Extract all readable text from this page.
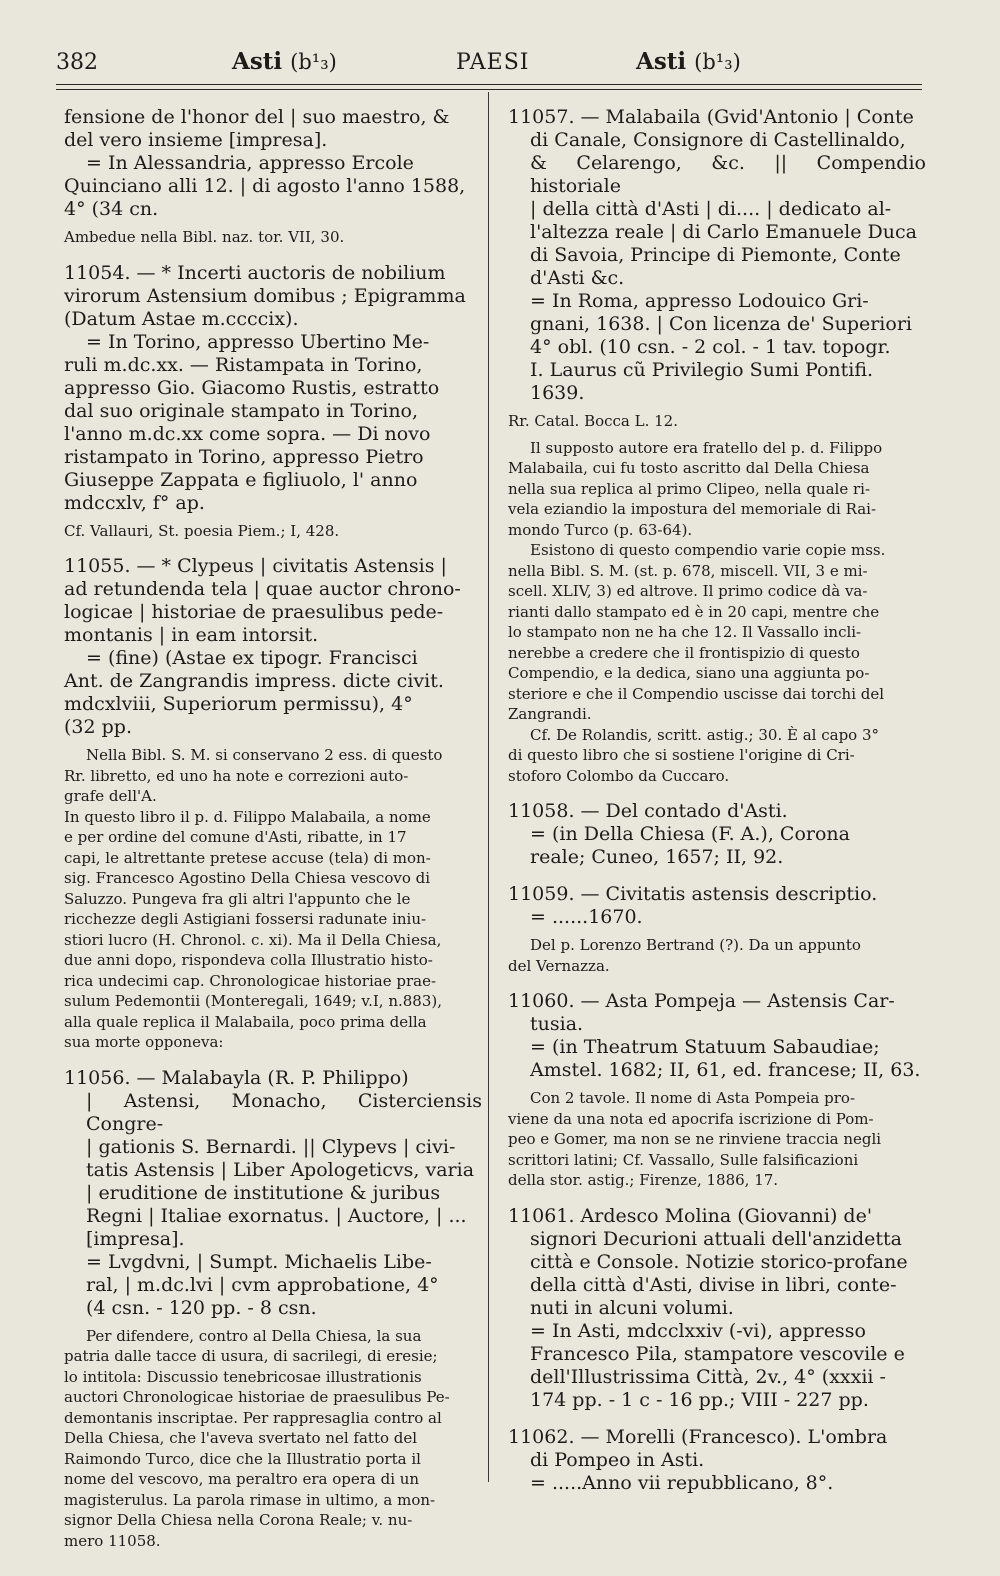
382	Asti (b¹₃)	PAESI	Asti (b¹₃)
fensione de l'honor del | suo maestro, &
del vero insieme [impresa].
= In Alessandria, appresso Ercole
Quinciano alli 12. | di agosto l'anno 1588,
4° (34 cn.
Ambedue nella Bibl. naz. tor. VII, 30.
11054. — * Incerti auctoris de nobilium
virorum Astensium domibus ; Epigramma
(Datum Astae m.ccccix).
= In Torino, appresso Ubertino Me-
ruli m.dc.xx. — Ristampata in Torino,
appresso Gio. Giacomo Rustis, estratto
dal suo originale stampato in Torino,
l'anno m.dc.xx come sopra. — Di novo
ristampato in Torino, appresso Pietro
Giuseppe Zappata e figliuolo, l' anno
mdccxlv, f° ap.
Cf. Vallauri, St. poesia Piem.; I, 428.
11055. — * Clypeus | civitatis Astensis |
ad retundenda tela | quae auctor chrono-
logicae | historiae de praesulibus pede-
montanis | in eam intorsit.
= (fine) (Astae ex tipogr. Francisci
Ant. de Zangrandis impress. dicte civit.
mdcxlviii, Superiorum permissu), 4°
(32 pp.
Nella Bibl. S. M. si conservano 2 ess. di questo
Rr. libretto, ed uno ha note e correzioni auto-
grafe dell'A.
In questo libro il p. d. Filippo Malabaila, a nome
e per ordine del comune d'Asti, ribatte, in 17
capi, le altrettante pretese accuse (tela) di mon-
sig. Francesco Agostino Della Chiesa vescovo di
Saluzzo. Pungeva fra gli altri l'appunto che le
ricchezze degli Astigiani fossersi radunate iniu-
stiori lucro (H. Chronol. c. xi). Ma il Della Chiesa,
due anni dopo, rispondeva colla Illustratio histo-
rica undecimi cap. Chronologicae historiae prae-
sulum Pedemontii (Monteregali, 1649; v.I, n.883),
alla quale replica il Malabaila, poco prima della
sua morte opponeva:
11056. — Malabayla (R. P. Philippo)
| Astensi, Monacho, Cisterciensis Congre-
| gationis S. Bernardi. || Clypevs | civi-
tatis Astensis | Liber Apologeticvs, varia
| eruditione de institutione & juribus
Regni | Italiae exornatus. | Auctore, | ...
[impresa].
= Lvgdvni, | Sumpt. Michaelis Libe-
ral, | m.dc.lvi | cvm approbatione, 4°
(4 csn. - 120 pp. - 8 csn.
Per difendere, contro al Della Chiesa, la sua
patria dalle tacce di usura, di sacrilegi, di eresie;
lo intitola: Discussio tenebricosae illustrationis
auctori Chronologicae historiae de praesulibus Pe-
demontanis inscriptae. Per rappresaglia contro al
Della Chiesa, che l'aveva svertato nel fatto del
Raimondo Turco, dice che la Illustratio porta il
nome del vescovo, ma peraltro era opera di un
magisterulus. La parola rimase in ultimo, a mon-
signor Della Chiesa nella Corona Reale; v. nu-
mero 11058.
11057. — Malabaila (Gvid'Antonio | Conte
di Canale, Consignore di Castellinaldo,
& Celarengo, &c. || Compendio historiale
| della città d'Asti | di.... | dedicato al-
l'altezza reale | di Carlo Emanuele Duca
di Savoia, Principe di Piemonte, Conte
d'Asti &c.
= In Roma, appresso Lodouico Gri-
gnani, 1638. | Con licenza de' Superiori
4° obl. (10 csn. - 2 col. - 1 tav. topogr.
I. Laurus cũ Privilegio Sumi Pontifi.
1639.
Rr. Catal. Bocca L. 12.
Il supposto autore era fratello del p. d. Filippo
Malabaila, cui fu tosto ascritto dal Della Chiesa
nella sua replica al primo Clipeo, nella quale ri-
vela eziandio la impostura del memoriale di Rai-
mondo Turco (p. 63-64).
Esistono di questo compendio varie copie mss.
nella Bibl. S. M. (st. p. 678, miscell. VII, 3 e mi-
scell. XLIV, 3) ed altrove. Il primo codice dà va-
rianti dallo stampato ed è in 20 capi, mentre che
lo stampato non ne ha che 12. Il Vassallo incli-
nerebbe a credere che il frontispizio di questo
Compendio, e la dedica, siano una aggiunta po-
steriore e che il Compendio uscisse dai torchi del
Zangrandi.
Cf. De Rolandis, scritt. astig.; 30. È al capo 3°
di questo libro che si sostiene l'origine di Cri-
stoforo Colombo da Cuccaro.
11058. — Del contado d'Asti.
= (in Della Chiesa (F. A.), Corona
reale; Cuneo, 1657; II, 92.
11059. — Civitatis astensis descriptio.
= ......1670.
Del p. Lorenzo Bertrand (?). Da un appunto
del Vernazza.
11060. — Asta Pompeja — Astensis Car-
tusia.
= (in Theatrum Statuum Sabaudiae;
Amstel. 1682; II, 61, ed. francese; II, 63.
Con 2 tavole. Il nome di Asta Pompeia pro-
viene da una nota ed apocrifa iscrizione di Pom-
peo e Gomer, ma non se ne rinviene traccia negli
scrittori latini; Cf. Vassallo, Sulle falsificazioni
della stor. astig.; Firenze, 1886, 17.
11061. Ardesco Molina (Giovanni) de'
signori Decurioni attuali dell'anzidetta
città e Console. Notizie storico-profane
della città d'Asti, divise in libri, conte-
nuti in alcuni volumi.
= In Asti, mdcclxxiv (-vi), appresso
Francesco Pila, stampatore vescovile e
dell'Illustrissima Città, 2v., 4° (xxxii -
174 pp. - 1 c - 16 pp.; VIII - 227 pp.
11062. — Morelli (Francesco). L'ombra
di Pompeo in Asti.
= .....Anno vii repubblicano, 8°.
